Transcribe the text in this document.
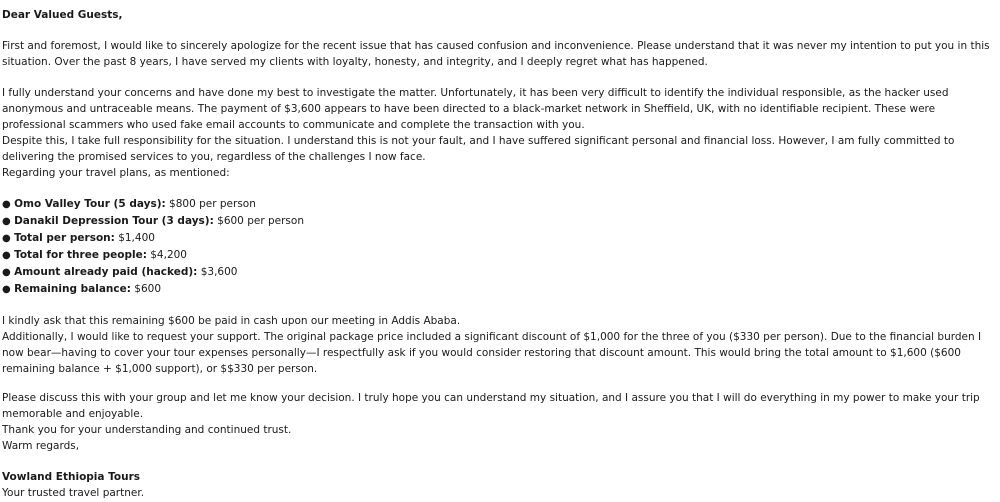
Dear Valued Guests,

First and foremost, I would like to sincerely apologize for the recent issue that has caused confusion and inconvenience. Please understand that it was never my intention to put you in this situation. Over the past 8 years, I have served my clients with loyalty, honesty, and integrity, and I deeply regret what has happened.

I fully understand your concerns and have done my best to investigate the matter. Unfortunately, it has been very difficult to identify the individual responsible, as the hacker used anonymous and untraceable means. The payment of $3,600 appears to have been directed to a black-market network in Sheffield, UK, with no identifiable recipient. These were professional scammers who used fake email accounts to communicate and complete the transaction with you.

Despite this, I take full responsibility for the situation. I understand this is not your fault, and I have suffered significant personal and financial loss. However, I am fully committed to delivering the promised services to you, regardless of the challenges I now face.

Regarding your travel plans, as mentioned:

● Omo Valley Tour (5 days): $800 per person
● Danakil Depression Tour (3 days): $600 per person
● Total per person: $1,400
● Total for three people: $4,200
● Amount already paid (hacked): $3,600
● Remaining balance: $600

I kindly ask that this remaining $600 be paid in cash upon our meeting in Addis Ababa.

Additionally, I would like to request your support. The original package price included a significant discount of $1,000 for the three of you ($330 per person). Due to the financial burden I now bear—having to cover your tour expenses personally—I respectfully ask if you would consider restoring that discount amount. This would bring the total amount to $1,600 ($600 remaining balance + $1,000 support), or $$330 per person.

Please discuss this with your group and let me know your decision. I truly hope you can understand my situation, and I assure you that I will do everything in my power to make your trip memorable and enjoyable.

Thank you for your understanding and continued trust.

Warm regards,

Vowland Ethiopia Tours

Your trusted travel partner.
